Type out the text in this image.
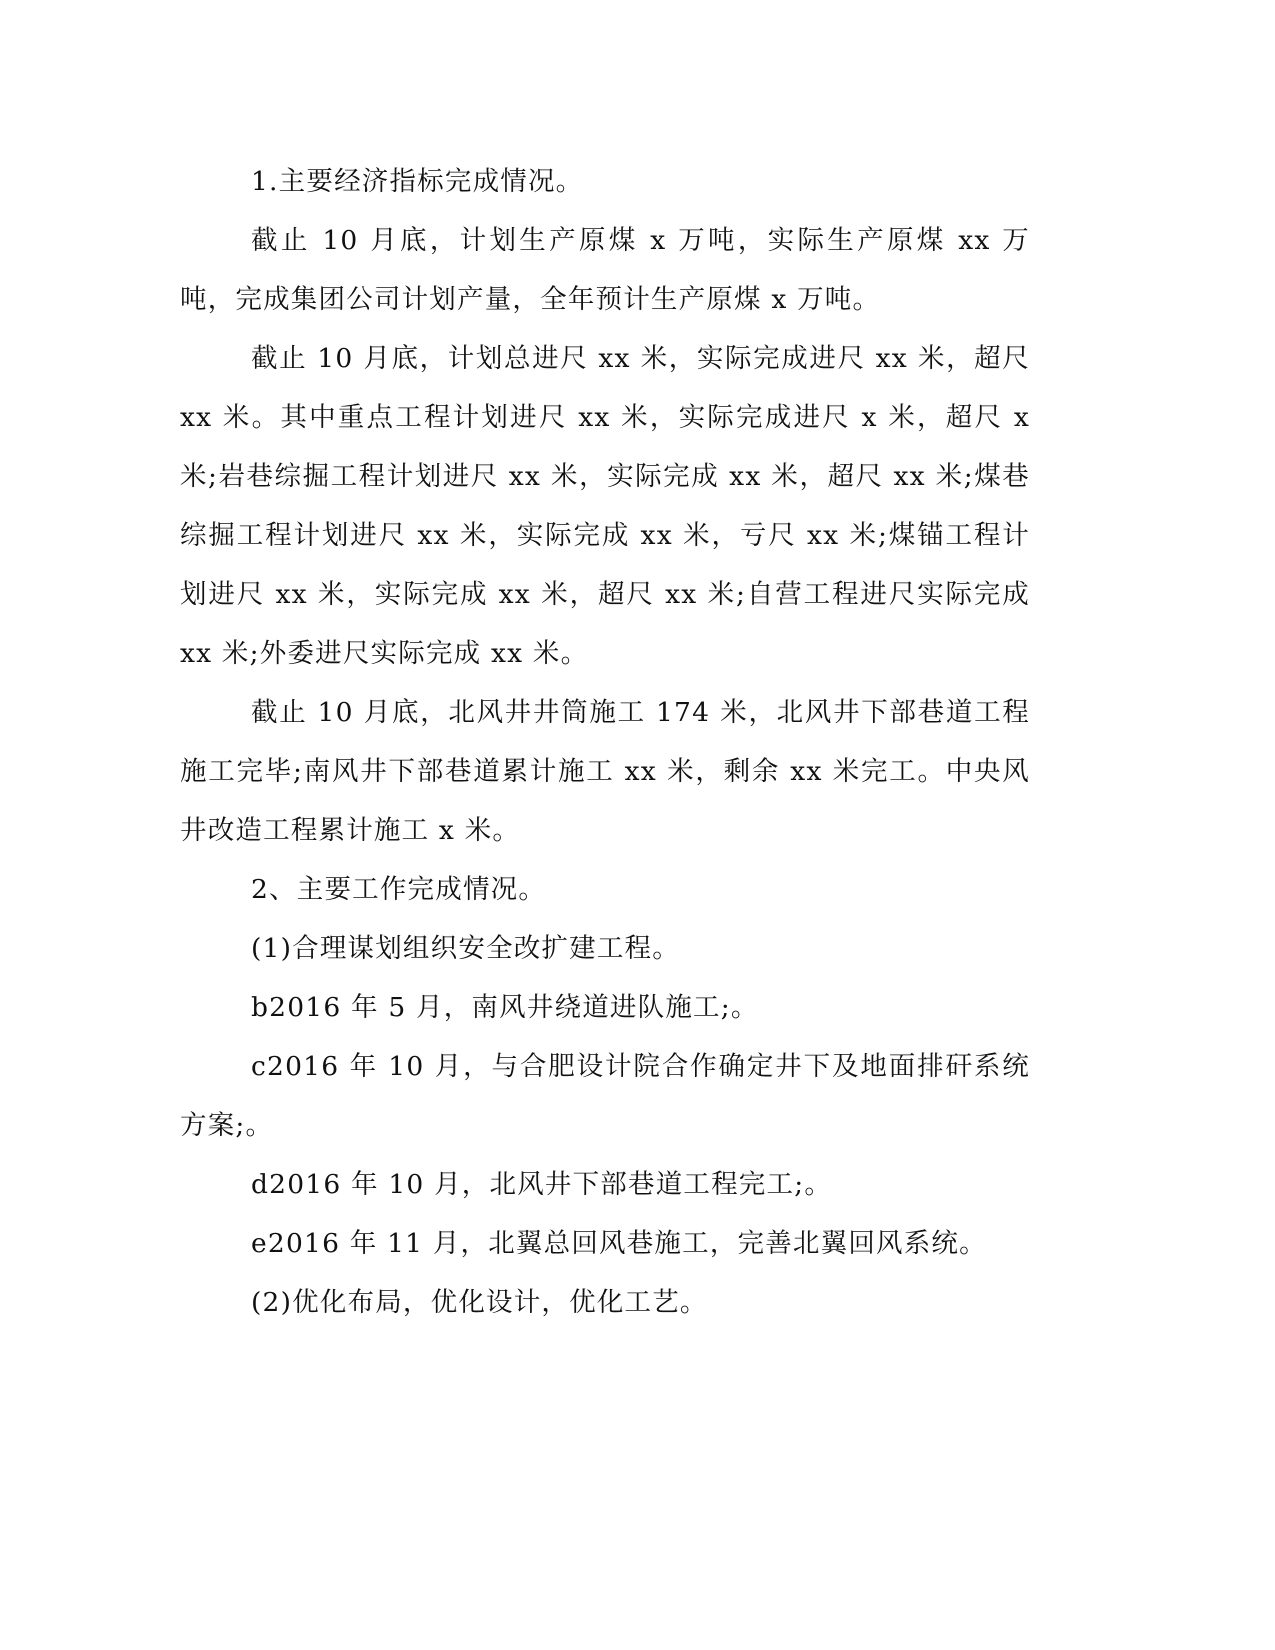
1.主要经济指标完成情况。

截止 10 月底，计划生产原煤 x 万吨，实际生产原煤 xx 万吨，完成集团公司计划产量，全年预计生产原煤 x 万吨。

截止 10 月底，计划总进尺 xx 米，实际完成进尺 xx 米，超尺 xx 米。其中重点工程计划进尺 xx 米，实际完成进尺 x 米，超尺 x 米;岩巷综掘工程计划进尺 xx 米，实际完成 xx 米，超尺 xx 米;煤巷综掘工程计划进尺 xx 米，实际完成 xx 米，亏尺 xx 米;煤锚工程计划进尺 xx 米，实际完成 xx 米，超尺 xx 米;自营工程进尺实际完成 xx 米;外委进尺实际完成 xx 米。

截止 10 月底，北风井井筒施工 174 米，北风井下部巷道工程施工完毕;南风井下部巷道累计施工 xx 米，剩余 xx 米完工。中央风井改造工程累计施工 x 米。

2、主要工作完成情况。

(1)合理谋划组织安全改扩建工程。

b2016 年 5 月，南风井绕道进队施工;。

c2016 年 10 月，与合肥设计院合作确定井下及地面排矸系统方案;。

d2016 年 10 月，北风井下部巷道工程完工;。

e2016 年 11 月，北翼总回风巷施工，完善北翼回风系统。

(2)优化布局，优化设计，优化工艺。
